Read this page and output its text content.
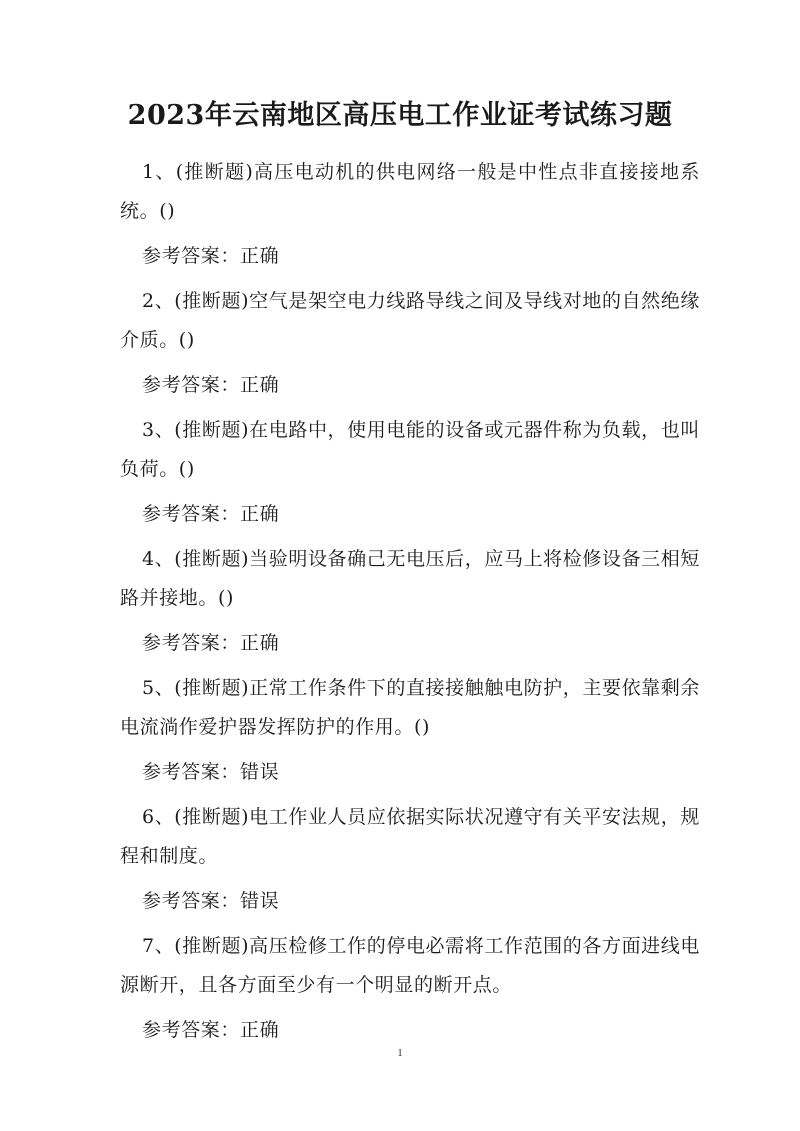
2023年云南地区高压电工作业证考试练习题

1、(推断题)高压电动机的供电网络一般是中性点非直接接地系统。()

参考答案：正确

2、(推断题)空气是架空电力线路导线之间及导线对地的自然绝缘介质。()

参考答案：正确

3、(推断题)在电路中，使用电能的设备或元器件称为负载，也叫负荷。()

参考答案：正确

4、(推断题)当验明设备确己无电压后，应马上将检修设备三相短路并接地。()

参考答案：正确

5、(推断题)正常工作条件下的直接接触触电防护，主要依靠剩余电流淌作爱护器发挥防护的作用。()

参考答案：错误

6、(推断题)电工作业人员应依据实际状况遵守有关平安法规，规程和制度。

参考答案：错误

7、(推断题)高压检修工作的停电必需将工作范围的各方面进线电源断开，且各方面至少有一个明显的断开点。

参考答案：正确

1
